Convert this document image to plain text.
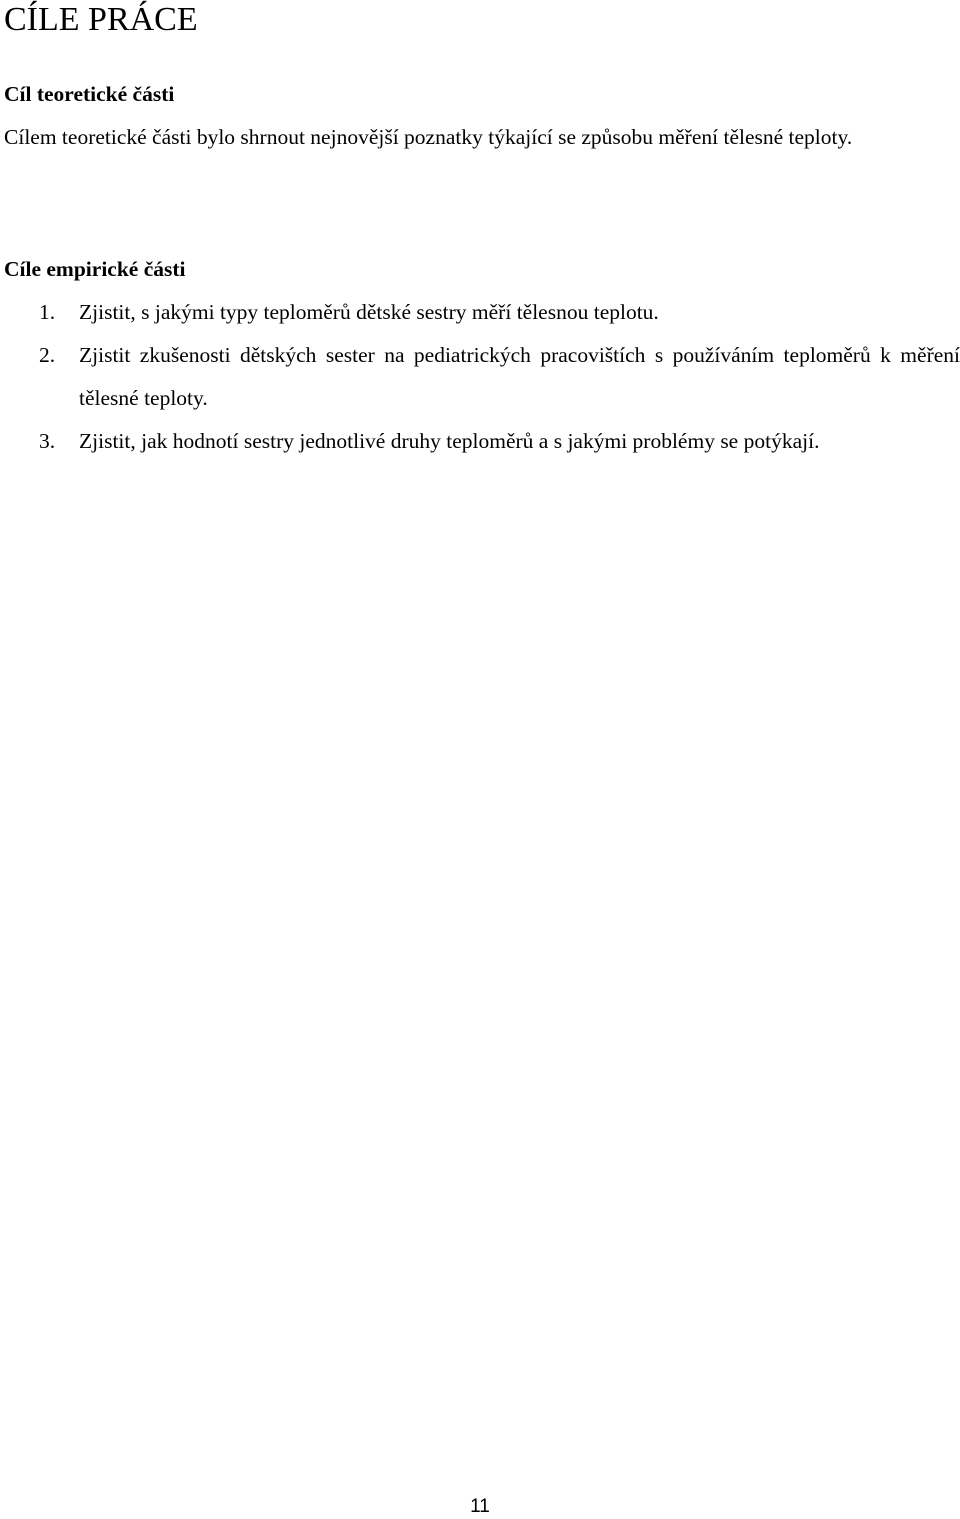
CÍLE PRÁCE
Cíl teoretické části

Cílem teoretické části bylo shrnout nejnovější poznatky týkající se způsobu měření tělesné teploty.

Cíle empirické části
1. Zjistit, s jakými typy teploměrů dětské sestry měří tělesnou teplotu.
2. Zjistit zkušenosti dětských sester na pediatrických pracovištích s používáním teploměrů k měření tělesné teploty.
3. Zjistit, jak hodnotí sestry jednotlivé druhy teploměrů a s jakými problémy se potýkají.
11
